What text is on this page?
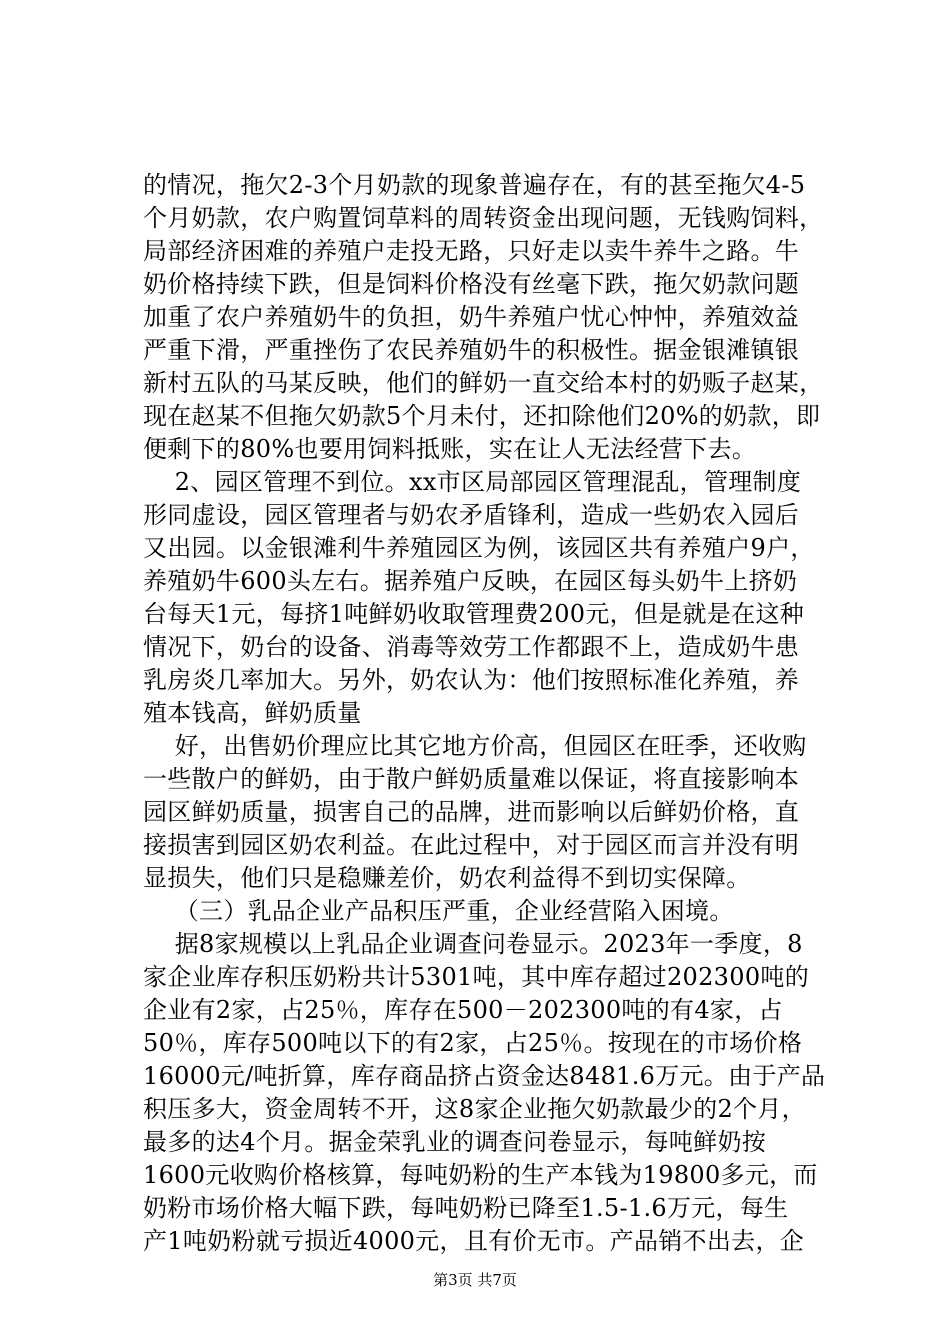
的情况，拖欠2-3个月奶款的现象普遍存在，有的甚至拖欠4-5
个月奶款，农户购置饲草料的周转资金出现问题，无钱购饲料，
局部经济困难的养殖户走投无路，只好走以卖牛养牛之路。牛
奶价格持续下跌，但是饲料价格没有丝毫下跌，拖欠奶款问题
加重了农户养殖奶牛的负担，奶牛养殖户忧心忡忡，养殖效益
严重下滑，严重挫伤了农民养殖奶牛的积极性。据金银滩镇银
新村五队的马某反映，他们的鲜奶一直交给本村的奶贩子赵某，
现在赵某不但拖欠奶款5个月未付，还扣除他们20%的奶款，即
便剩下的80%也要用饲料抵账，实在让人无法经营下去。
2、园区管理不到位。xx市区局部园区管理混乱，管理制度
形同虚设，园区管理者与奶农矛盾锋利，造成一些奶农入园后
又出园。以金银滩利牛养殖园区为例，该园区共有养殖户9户，
养殖奶牛600头左右。据养殖户反映，在园区每头奶牛上挤奶
台每天1元，每挤1吨鲜奶收取管理费200元，但是就是在这种
情况下，奶台的设备、消毒等效劳工作都跟不上，造成奶牛患
乳房炎几率加大。另外，奶农认为：他们按照标准化养殖，养
殖本钱高，鲜奶质量
好，出售奶价理应比其它地方价高，但园区在旺季，还收购
一些散户的鲜奶，由于散户鲜奶质量难以保证，将直接影响本
园区鲜奶质量，损害自己的品牌，进而影响以后鲜奶价格，直
接损害到园区奶农利益。在此过程中，对于园区而言并没有明
显损失，他们只是稳赚差价，奶农利益得不到切实保障。
（三）乳品企业产品积压严重，企业经营陷入困境。
据8家规模以上乳品企业调查问卷显示。2023年一季度，8
家企业库存积压奶粉共计5301吨，其中库存超过202300吨的
企业有2家，占25％，库存在500－202300吨的有4家，占
50％，库存500吨以下的有2家，占25％。按现在的市场价格
16000元/吨折算，库存商品挤占资金达8481.6万元。由于产品
积压多大，资金周转不开，这8家企业拖欠奶款最少的2个月，
最多的达4个月。据金荣乳业的调查问卷显示，每吨鲜奶按
1600元收购价格核算，每吨奶粉的生产本钱为19800多元，而
奶粉市场价格大幅下跌，每吨奶粉已降至1.5-1.6万元，每生
产1吨奶粉就亏损近4000元，且有价无市。产品销不出去，企
第3页 共7页
